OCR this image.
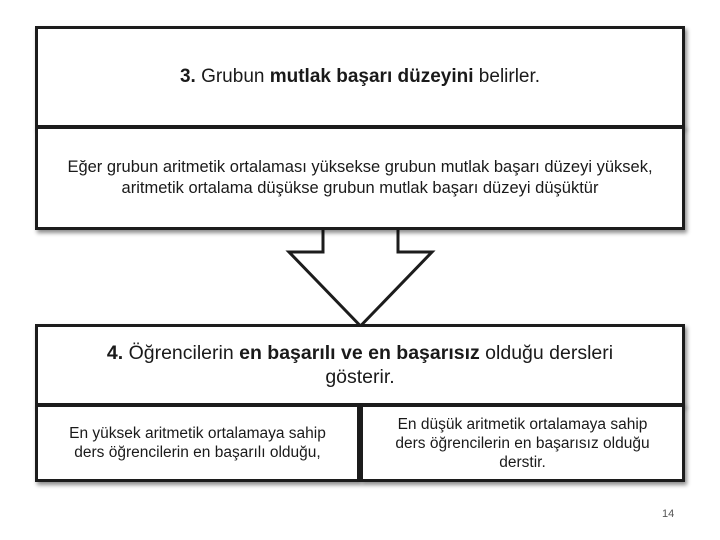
3. Grubun mutlak başarı düzeyini belirler.
Eğer grubun aritmetik ortalaması yüksekse grubun mutlak başarı düzeyi yüksek, aritmetik ortalama düşükse grubun mutlak başarı düzeyi düşüktür
4. Öğrencilerin en başarılı ve en başarısız olduğu dersleri gösterir.
En yüksek aritmetik ortalamaya sahip ders öğrencilerin en başarılı olduğu,
En düşük aritmetik ortalamaya sahip ders öğrencilerin en başarısız olduğu derstir.
14
